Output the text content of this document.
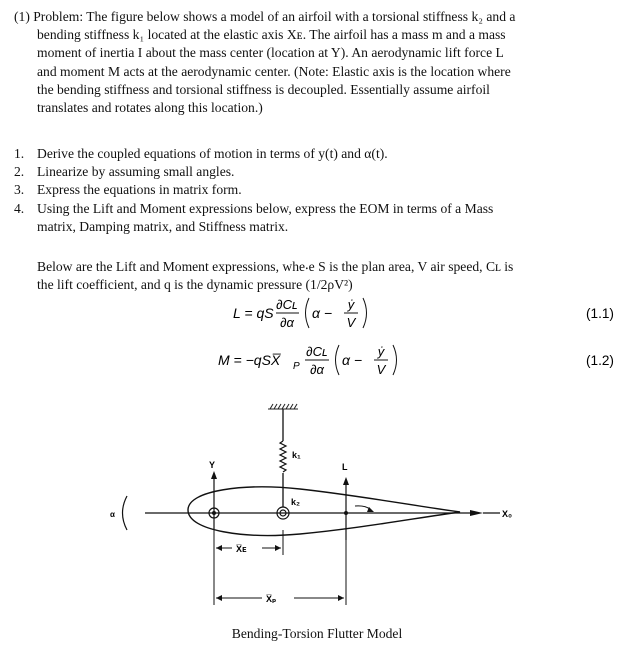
(1) Problem: The figure below shows a model of an airfoil with a torsional stiffness k₂ and a
bending stiffness k₁ located at the elastic axis Xᴇ. The airfoil has a mass m and a mass
moment of inertia I about the mass center (location at Y). An aerodynamic lift force L
and moment M acts at the aerodynamic center. (Note: Elastic axis is the location where
the bending stiffness and torsional stiffness is decoupled. Essentially assume airfoil
translates and rotates along this location.)
1. Derive the coupled equations of motion in terms of y(t) and α(t).
2. Linearize by assuming small angles.
3. Express the equations in matrix form.
4. Using the Lift and Moment expressions below, express the EOM in terms of a Mass
matrix, Damping matrix, and Stiffness matrix.
Below are the Lift and Moment expressions, whe⸳e S is the plan area, V air speed, Cʟ is
the lift coefficient, and q is the dynamic pressure (1/2ρV²)
L = qS
∂Cʟ
∂α
α −
ẏ
V
(1.1)
M = −qSX̅ P
∂Cʟ
∂α
α −
ẏ
V
(1.2)
k₁
X₀
α
Y
k₂
L
X̅ᴇ
X̅ₚ
Bending-Torsion Flutter Model
